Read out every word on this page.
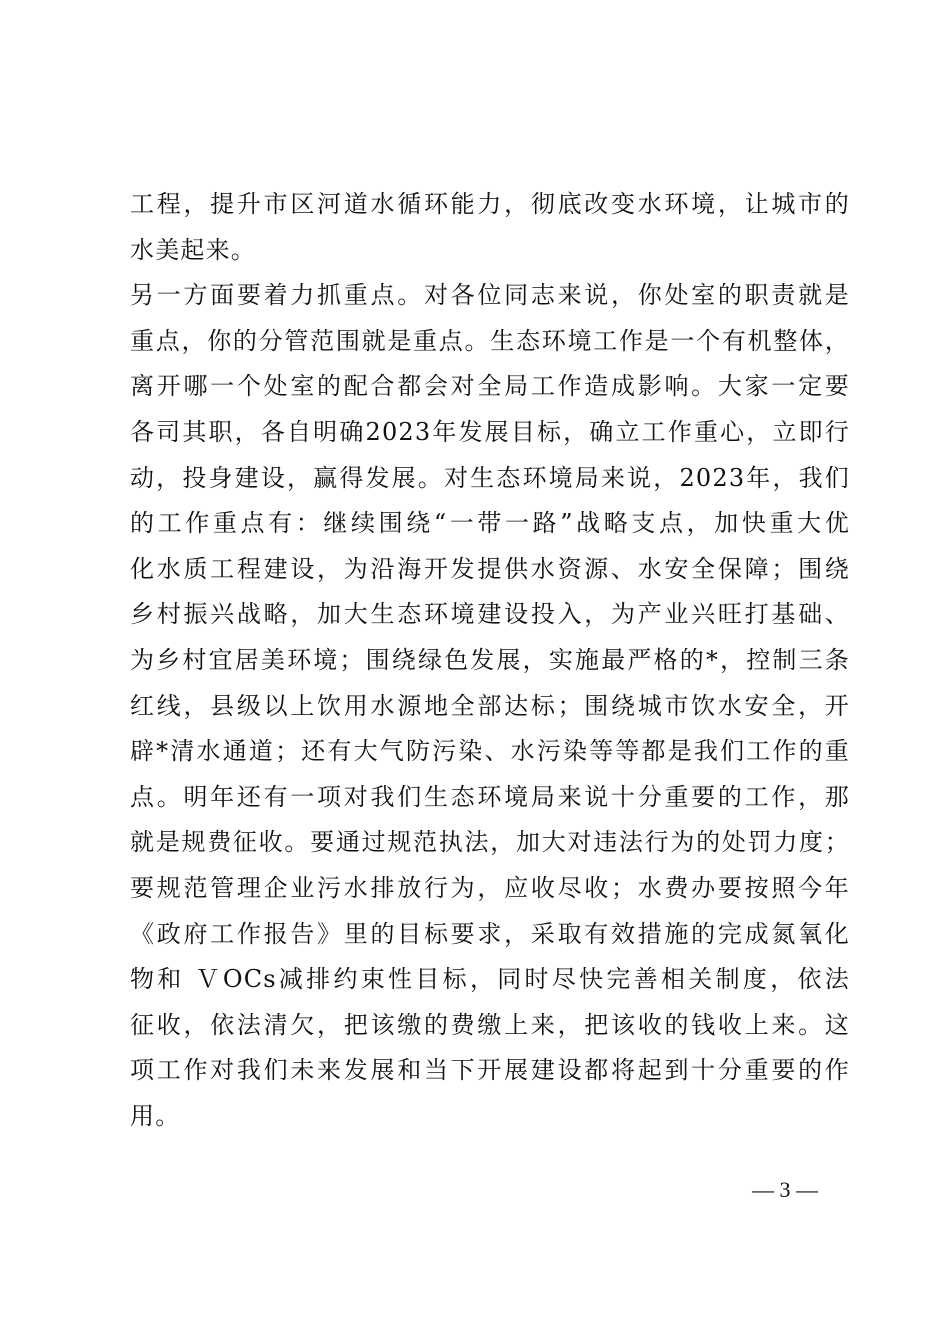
工程，提升市区河道水循环能力，彻底改变水环境，让城市的
水美起来。
另一方面要着力抓重点。对各位同志来说，你处室的职责就是
重点，你的分管范围就是重点。生态环境工作是一个有机整体，
离开哪一个处室的配合都会对全局工作造成影响。大家一定要
各司其职，各自明确2023年发展目标，确立工作重心，立即行
动，投身建设，赢得发展。对生态环境局来说，2023年，我们
的工作重点有：继续围绕“一带一路”战略支点，加快重大优
化水质工程建设，为沿海开发提供水资源、水安全保障；围绕
乡村振兴战略，加大生态环境建设投入，为产业兴旺打基础、
为乡村宜居美环境；围绕绿色发展，实施最严格的*，控制三条
红线，县级以上饮用水源地全部达标；围绕城市饮水安全，开
辟*清水通道；还有大气防污染、水污染等等都是我们工作的重
点。明年还有一项对我们生态环境局来说十分重要的工作，那
就是规费征收。要通过规范执法，加大对违法行为的处罚力度；
要规范管理企业污水排放行为，应收尽收；水费办要按照今年
《政府工作报告》里的目标要求，采取有效措施的完成氮氧化
物和 ＶOCs减排约束性目标，同时尽快完善相关制度，依法
征收，依法清欠，把该缴的费缴上来，把该收的钱收上来。这
项工作对我们未来发展和当下开展建设都将起到十分重要的作
用。
— 3 —
